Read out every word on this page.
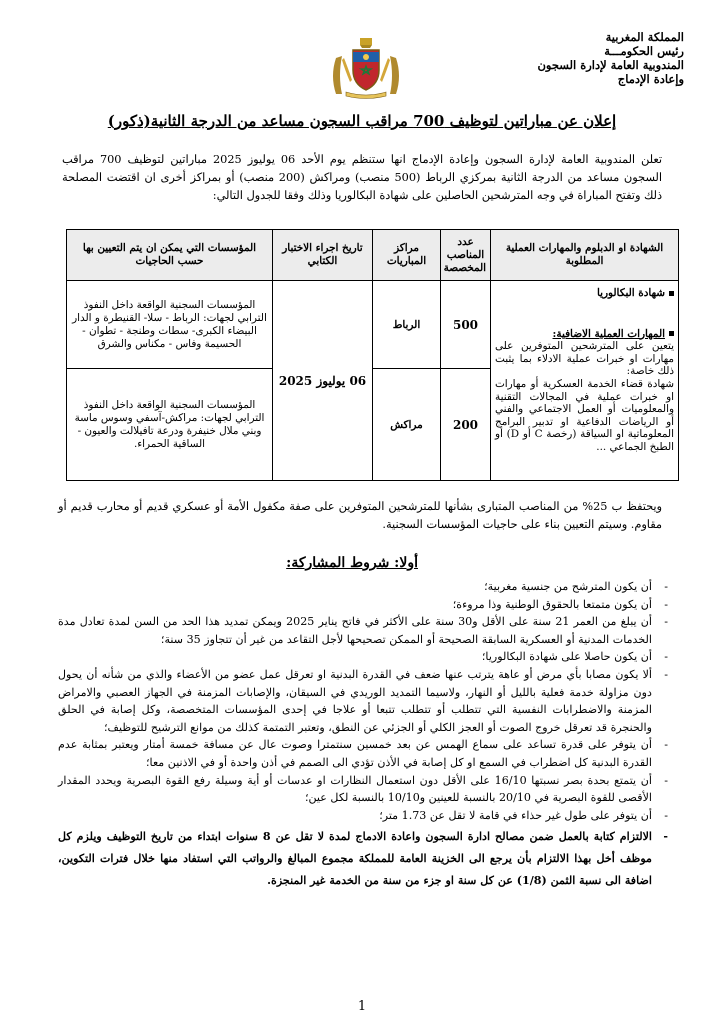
المملكة المغربية
رئيس الحكومـــة
المندوبية العامة لإدارة السجون
وإعادة الإدماج
إعلان عن مباراتين لتوظيف 700 مراقب السجون مساعد من الدرجة الثانية(ذكور)
تعلن المندوبية العامة لإدارة السجون وإعادة الإدماج انها ستنظم يوم الأحد 06 يوليوز 2025 مباراتين لتوظيف 700 مراقب السجون مساعد من الدرجة الثانية بمركزي الرباط (500 منصب) ومراكش (200 منصب) أو بمراكز أخرى ان اقتضت المصلحة ذلك وتفتح المباراة في وجه المترشحين الحاصلين على شهادة البكالوريا وذلك وفقا للجدول التالي:
الشهادة او الدبلوم والمهارات العملية المطلوبة	عدد المناصب المخصصة	مراكز المباريات	تاريخ اجراء الاختبار الكتابي	المؤسسات التي يمكن ان يتم التعيين بها حسب الحاجيات

شهادة البكالوريا
المهارات العملية الاضافية:
يتعين على المترشحين المتوفرين على مهارات او خبرات عملية الادلاء بما يثبت ذلك خاصة:
شهادة قضاء الخدمة العسكرية أو مهارات او خبرات عملية في المجالات التقنية والمعلوميات أو العمل الاجتماعي والفني أو الرياضات الدفاعية او تدبير البرامج المعلوماتية او السياقة (رخصة C أو D) أو الطبخ الجماعي ...	500	الرباط	06 يوليوز 2025	المؤسسات السجنية الواقعة داخل النفوذ الترابي لجهات: الرباط - سلا- القنيطرة و الدار البيضاء الكبرى- سطات وطنجة - تطوان - الحسيمة وفاس - مكناس والشرق
	200	مراكش		المؤسسات السجنية الواقعة داخل النفوذ الترابي لجهات: مراكش-آسفي وسوس ماسة وبني ملال خنيفرة ودرعة تافيلالت والعيون - الساقية الحمراء.
ويحتفظ ب 25% من المناصب المتبارى بشأنها للمترشحين المتوفرين على صفة مكفول الأمة أو عسكري قديم أو محارب قديم أو مقاوم. وسيتم التعيين بناء على حاجيات المؤسسات السجنية.
أولا: شروط المشاركة:
- أن يكون المترشح من جنسية مغربية؛
- أن يكون متمتعا بالحقوق الوطنية وذا مروءة؛
- أن يبلغ من العمر 21 سنة على الأقل و30 سنة على الأكثر في فاتح يناير 2025 ويمكن تمديد هذا الحد من السن لمدة تعادل مدة الخدمات المدنية أو العسكرية السابقة الصحيحة أو الممكن تصحيحها لأجل التقاعد من غير أن تتجاوز 35 سنة؛
- أن يكون حاصلا على شهادة البكالوريا؛
- ألا يكون مصابا بأي مرض أو عاهة يترتب عنها ضعف في القدرة البدنية او تعرقل عمل عضو من الأعضاء والذي من شأنه أن يحول دون مزاولة خدمة فعلية بالليل أو النهار، ولاسيما التمديد الوريدي في السيقان، والإصابات المزمنة في الجهاز العصبي والامراض المزمنة والاضطرابات النفسية التي تتطلب أو تتطلب تتبعا أو علاجا في إحدى المؤسسات المتخصصة، وكل إصابة في الحلق والحنجرة قد تعرقل خروج الصوت أو العجز الكلي أو الجزئي عن النطق، وتعتبر التمتمة كذلك من موانع الترشيح للتوظيف؛
- أن يتوفر على قدرة تساعد على سماع الهمس عن بعد خمسين سنتمترا وصوت عال عن مسافة خمسة أمتار ويعتبر بمثابة عدم القدرة البدنية كل اضطراب في السمع او كل إصابة في الأذن تؤدي الى الصمم في أذن واحدة أو في الاذنين معا؛
- أن يتمتع بحدة بصر نسبتها 16/10 على الأقل دون استعمال النظارات او عدسات أو أية وسيلة رفع القوة البصرية ويحدد المقدار الأقصى للقوة البصرية في 20/10 بالنسبة للعينين و10/10 بالنسبة لكل عين؛
- أن يتوفر على طول غير حذاء في قامة لا تقل عن 1.73 متر؛
- الالتزام كتابة بالعمل ضمن مصالح ادارة السجون واعادة الادماج لمدة لا تقل عن 8 سنوات ابتداء من تاريخ التوظيف ويلزم كل موظف أخل بهذا الالتزام بأن يرجع الى الخزينة العامة للمملكة مجموع المبالغ والرواتب التي استفاد منها خلال فترات التكوين، اضافة الى نسبة الثمن (1/8) عن كل سنة او جزء من سنة من الخدمة غير المنجزة.
1
